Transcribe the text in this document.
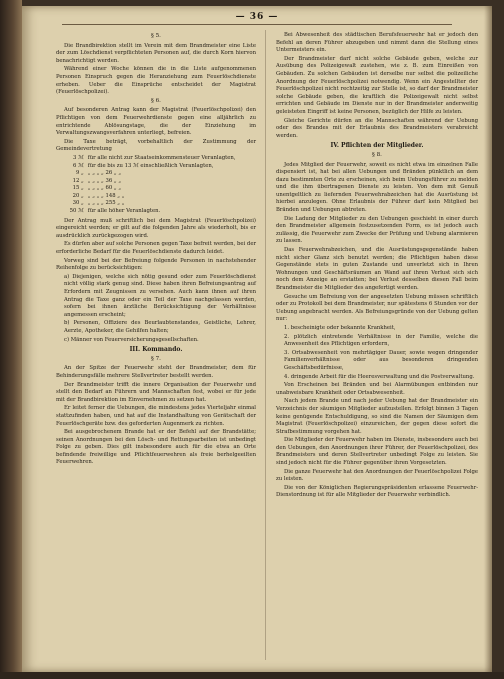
— 36 —

§ 5.

Die Brandbirektion stellt im Verein mit dem Brandmeister eine Liste der zum Löschdienst verpflichteten Personen auf, die durch Korn hiervon benachrichtigt werden.

Während einer Woche können die in die Liste aufgenommenen Personen Einspruch gegen die Heranziehung zum Feuerlöschdienste erheben. Ueber die Einsprüche entscheidet der Magistrat (Feuerlöschpolizei).

§ 6.

Auf besonderen Antrag kann der Magistrat (Feuerlöschpolizei) den Pflichtigen von dem Feuerwehrdienste gegen eine alljährlich zu entrichtende Ablösungstage, die der Einziehung im Verwaltungszwangsverfahren unterliegt, befreien.

Die Taxe beträgt, vorbehaltlich der Zustimmung der Gemeindevertretung

3 ℳ für alle nicht zur Staatseinkommensteuer Veranlagten,
6 ℳ für die bis zu 13 ℳ einschließlich Veranlagten,
9 „ „ „ „ „ 26 „ „
12 „ „ „ „ „ 36 „ „
15 „ „ „ „ „ 60 „ „
20 „ „ „ „ „ 148 „ „
30 „ „ „ „ „ 255 „ „
50 ℳ für alle höher Veranlagten.

Der Antrag muß schriftlich bei dem Magistrat (Feuerlöschpolizei) eingereicht werden; er gilt auf die folgenden Jahre als wiederholt, bis er ausdrücklich zurückgezogen wird.

Es dürfen aber auf solche Personen gegen Taxe befreit werden, bei der erforderliche Bedarf für die Feuerlöschdienste dadurch leidet.

Vorweg sind bei der Befreiung folgende Personen in nachstehender Reihenfolge zu berücksichtigen:

a) Diejenigen, welche sich nötig gesund oder zum Feuerlöschdienst nicht völlig stark genug sind. Diese haben ihren Befreiungsantrag auf Erfordern mit Zeugnissen zu versehen. Auch kann ihnen auf ihren Antrag die Taxe ganz oder ein Teil der Taxe nachgelassen werden, sofern bei ihnen ärztliche Berücksichtigung der Verhältnisse angemessen erscheint;

b) Personen, Offiziere des Beurlaubtenstandes, Geistliche, Lehrer, Aerzte, Apotheker, die Gehilfen halten;

c) Männer von Feuerversicherungsgesellschaften.

III. Kommando.

§ 7.

An der Spitze der Feuerwehr steht der Brandmeister, dem für Behinderungsfälle mehrere Stellvertreter bestellt werden.

Der Brandmeister trifft die innere Organisation der Feuerwehr und stellt den Bedarf an Führern und Mannschaften fest, wobei er für jede mit der Brandbirektion im Einvernehmen zu setzen hat.

Er leitet ferner die Uebungen, die mindestens jedes Vierteljahr einmal stattzufinden haben, und hat auf die Instandhaltung von Gerätschaft der Feuerlöschgeräte bzw. des geforderten Augenmerk zu richten.

Bei ausgebrochenem Brande hat er der Befehl auf der Brandstätte; seinen Anordnungen bei den Lösch- und Rettungsarbeiten ist unbedingt Folge zu geben. Dies gilt insbesondere auch für die etwa an Orte befindende freiwillige und Pflichtfeuerwehren als freie berhelgeeilten Feuerwehren.

Bei Abwesenheit des städtischen Berufsfeuerwehr hat er jedoch den Befehl an deren Führer abzugeben und nimmt dann die Stellung eines Untermeisters ein.

Der Brandmeister darf nicht solche Gebäude geben, welche zur Ausübung des Polizeigewalt zustehen, wie z. B. zum Einreißen von Gebäuden. Zu solchen Gebäuden ist derselbe nur selbst die polizeiliche Anordnung der Feuerlöschpolizei notwendig. Wenn ein Angestellter der Feuerlöschpolizei nicht rechtzeitig zur Stelle ist, so darf der Brandmeister solche Gebäude geben, die kraftlich die Polizeigewalt nicht selbst errichten und Gebäude im Dienste nur in der Brandmeister anderweitig geleisteten Eingriff ist keine Personen, bezüglich der Hilfe zu leisten.

Gleiche Gerichte dürfen an die Mannschaften während der Uebung oder des Brandes mit der Erlaubnis des Brandmeisters verabreicht werden.

IV. Pflichten der Mitglieder.

§ 8.

Jedes Mitglied der Feuerwehr, soweit es nicht etwa im einzelnen Falle dispensiert ist, hat bei allen Uebungen und Bränden pünktlich an dem dazu bestimmten Orte zu erscheinen, sich beim Uebungsführer zu melden und die ihm übertragenen Dienste zu leisten. Von dem mit Genuß unentgeltlich zu liefernden Feuerwehrabzeichen hat die Ausrüstung ist hierbei anzulegen. Ohne Erlaubnis der Führer darf kein Mitglied bei Bränden und Uebungen abtreten.

Die Ladung der Mitglieder zu den Uebungen geschieht in einer durch den Brandmeister allgemein festzusetzenden Form, es ist jedoch auch zulässig, die Feuerwehr zum Zwecke der Prüfung und Uebung alarmieren zu lassen.

Das Feuerwehrabzeichen, und die Ausrüstungsgegenstände haben nicht sicher Glanz sich benutzt werden; die Pflichtigen haben diese Gegenstände stets in guten Zustande und unverletzt sich in Ihren Wohnungen und Geschäftsräumen an Wand auf ihren Verlust sich sich noch dem Anzeige an erstatten; bei Verlust desselben diesen Fall beim Brandmeister die Mitglieder des angefertigt werden.

Gesuche um Befreiung von der angesetzten Uebung müssen schriftlich oder zu Protokoll bei dem Brandmeister, nur spätestens 6 Stunden vor der Uebung angebracht werden. Als Befreiungsgründe von der Uebung gelten nur:

1. bescheinigte oder bekannte Krankheit,

2. plötzlich eintretende Verhältnisse in der Familie, welche die Anwesenheit des Pflichtigen erfordern,

3. Ortsabwesenheit von mehrtägiger Dauer, sowie wegen dringender Familienverhältnisse oder aus besonderen dringenden Geschäftsbedürfnisse,

4. dringende Arbeit für die Heeresverwaltung und die Postverwaltung.

Von Erscheinen bei Bränden und bei Alarmübungen entbinden nur unabweisbare Krankheit oder Ortsabwesenheit.

Nach jedem Brande und nach jeder Uebung hat der Brandmeister ein Verzeichnis der säumigen Mitglieder aufzustellen. Erfolgt binnen 3 Tagen keine genügende Entschuldigung, so sind die Namen der Säumigen dem Magistrat (Feuerlöschpolizei) einzureichen, der gegen diese sofort die Strafbestimmung vorgehen hat.

Die Mitglieder der Feuerwehr haben im Dienste, insbesondere auch bei den Uebungen, den Anordnungen ihrer Führer, der Feuerlöschpolizei, des Brandmeisters und deren Stellvertreter unbedingt Folge zu leisten. Sie sind jedoch nicht für die Führer gegenüber ihren Vorgesetzten.

Die ganze Feuerwehr hat den Anordnungen der Feuerlöschpolizei Folge zu leisten.

Die von der Königlichen Regierungspräsidenten erlassene Feuerwehr-Dienstordnung ist für alle Mitglieder der Feuerwehr verbindlich.
